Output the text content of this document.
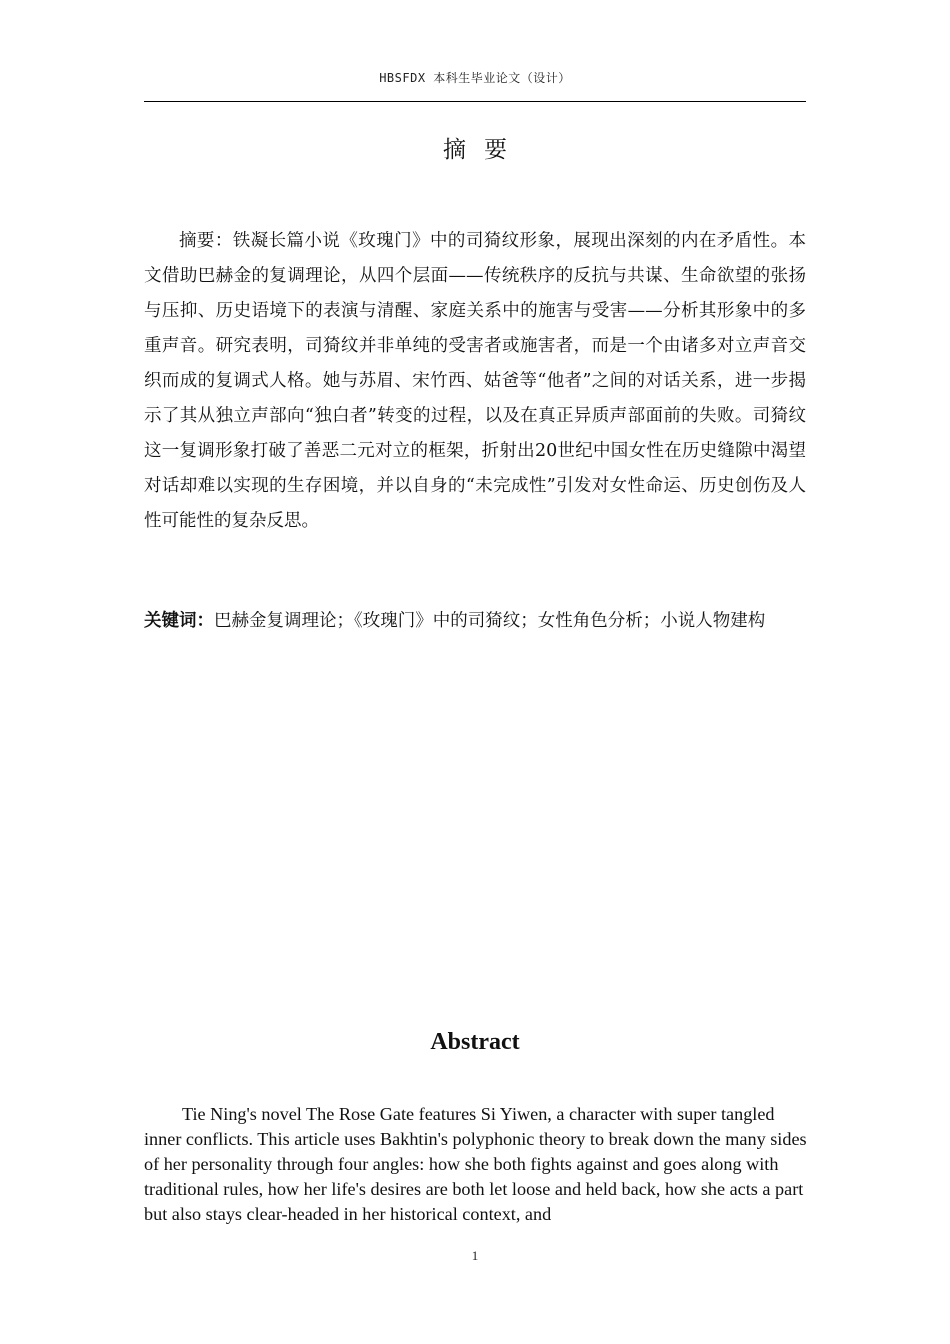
HBSFDX 本科生毕业论文（设计）
摘要

摘要：铁凝长篇小说《玫瑰门》中的司猗纹形象，展现出深刻的内在矛盾性。本文借助巴赫金的复调理论，从四个层面——传统秩序的反抗与共谋、生命欲望的张扬与压抑、历史语境下的表演与清醒、家庭关系中的施害与受害——分析其形象中的多重声音。研究表明，司猗纹并非单纯的受害者或施害者，而是一个由诸多对立声音交织而成的复调式人格。她与苏眉、宋竹西、姑爸等“他者”之间的对话关系，进一步揭示了其从独立声部向“独白者”转变的过程，以及在真正异质声部面前的失败。司猗纹这一复调形象打破了善恶二元对立的框架，折射出20世纪中国女性在历史缝隙中渴望对话却难以实现的生存困境，并以自身的“未完成性”引发对女性命运、历史创伤及人性可能性的复杂反思。

关键词：巴赫金复调理论；《玫瑰门》中的司猗纹；女性角色分析；小说人物建构

Abstract

Tie Ning's novel The Rose Gate features Si Yiwen, a character with super tangled inner conflicts. This article uses Bakhtin's polyphonic theory to break down the many sides of her personality through four angles: how she both fights against and goes along with traditional rules, how her life's desires are both let loose and held back, how she acts a part but also stays clear-headed in her historical context, and

1
